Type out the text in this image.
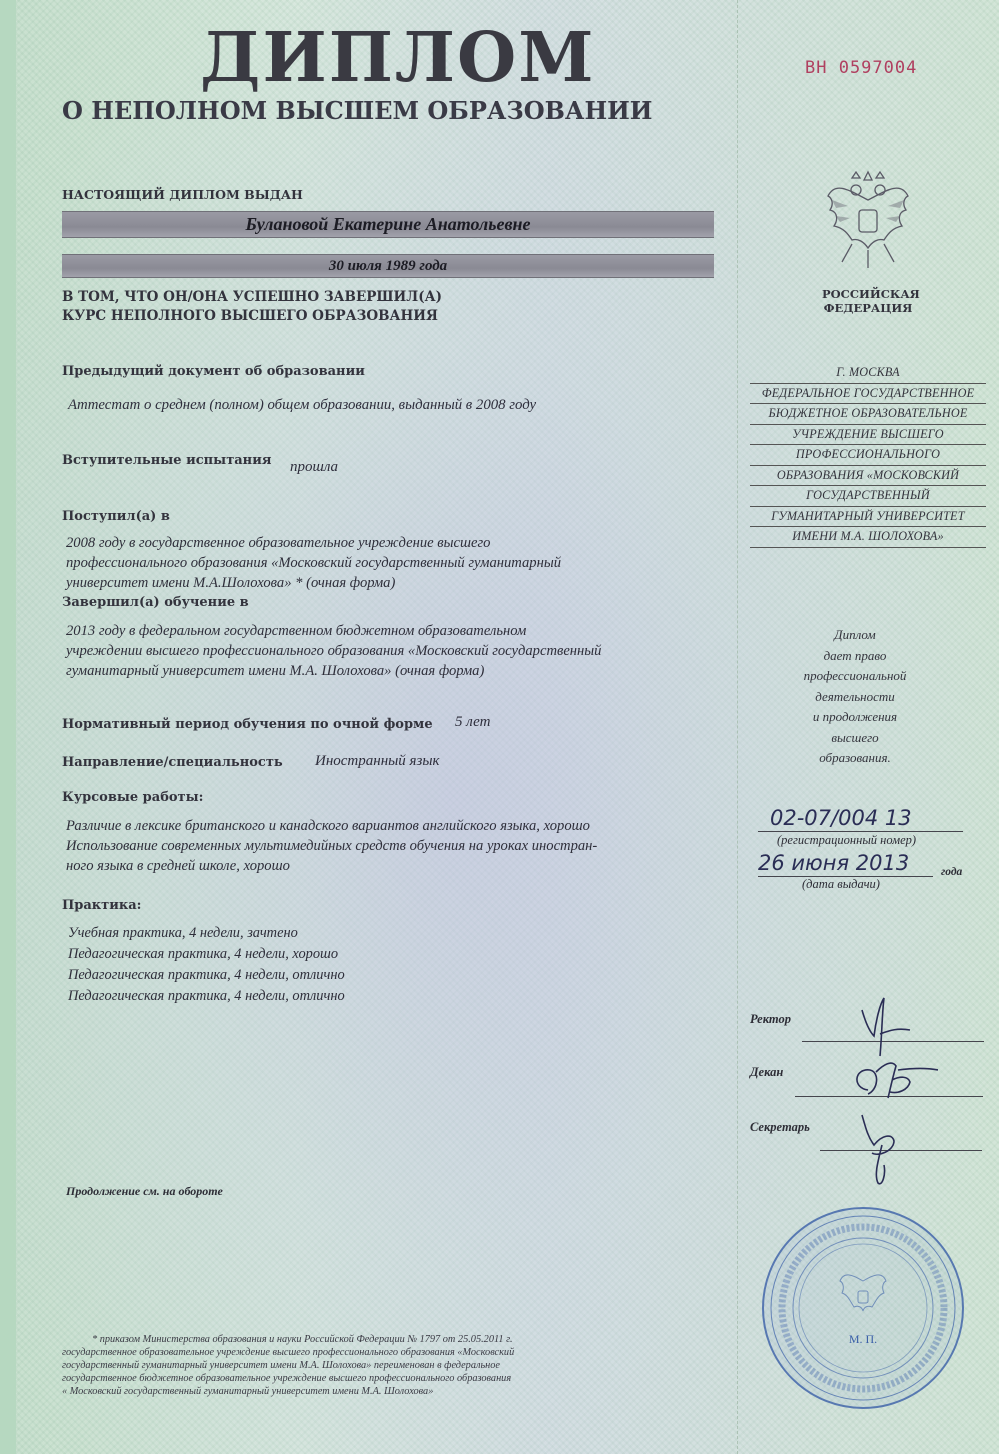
ДИПЛОМ
О НЕПОЛНОМ ВЫСШЕМ ОБРАЗОВАНИИ
ВН 0597004
НАСТОЯЩИЙ ДИПЛОМ ВЫДАН
Булановой Екатерине Анатольевне
30 июля 1989 года
В ТОМ, ЧТО ОН/ОНА УСПЕШНО ЗАВЕРШИЛ(А)
КУРС НЕПОЛНОГО ВЫСШЕГО ОБРАЗОВАНИЯ
РОССИЙСКАЯ
ФЕДЕРАЦИЯ
Предыдущий документ об образовании
Аттестат о среднем (полном) общем образовании, выданный в 2008 году
Вступительные испытания прошла
Поступил(а) в
2008 году в государственное образовательное учреждение высшего
профессионального образования «Московский государственный гуманитарный
университет имени М.А.Шолохова» * (очная форма)
Завершил(а) обучение в
2013 году в федеральном государственном бюджетном образовательном
учреждении высшего профессионального образования «Московский государственный
гуманитарный университет имени М.А. Шолохова» (очная форма)
Нормативный период обучения по очной форме 5 лет
Направление/специальность Иностранный язык
Курсовые работы:
Различие в лексике британского и канадского вариантов английского языка, хорошо
Использование современных мультимедийных средств обучения на уроках иностран-
ного языка в средней школе, хорошо
Практика:
Учебная практика, 4 недели, зачтено
Педагогическая практика, 4 недели, хорошо
Педагогическая практика, 4 недели, отлично
Педагогическая практика, 4 недели, отлично
Продолжение см. на обороте
Г. МОСКВА
ФЕДЕРАЛЬНОЕ ГОСУДАРСТВЕННОЕ
БЮДЖЕТНОЕ ОБРАЗОВАТЕЛЬНОЕ
УЧРЕЖДЕНИЕ ВЫСШЕГО
ПРОФЕССИОНАЛЬНОГО
ОБРАЗОВАНИЯ «МОСКОВСКИЙ
ГОСУДАРСТВЕННЫЙ
ГУМАНИТАРНЫЙ УНИВЕРСИТЕТ
ИМЕНИ М.А. ШОЛОХОВА»
Диплом
дает право
профессиональной
деятельности
и продолжения
высшего
образования.
02-07/004 13
(регистрационный номер)
26 июня 2013	года
(дата выдачи)
Ректор
Декан
Секретарь
М. П.
* приказом Министерства образования и науки Российской Федерации № 1797 от 25.05.2011 г.
государственное образовательное учреждение высшего профессионального образования «Московский
государственный гуманитарный университет имени М.А. Шолохова» переименован в федеральное
государственное бюджетное образовательное учреждение высшего профессионального образования
« Московский государственный гуманитарный университет имени М.А. Шолохова»
